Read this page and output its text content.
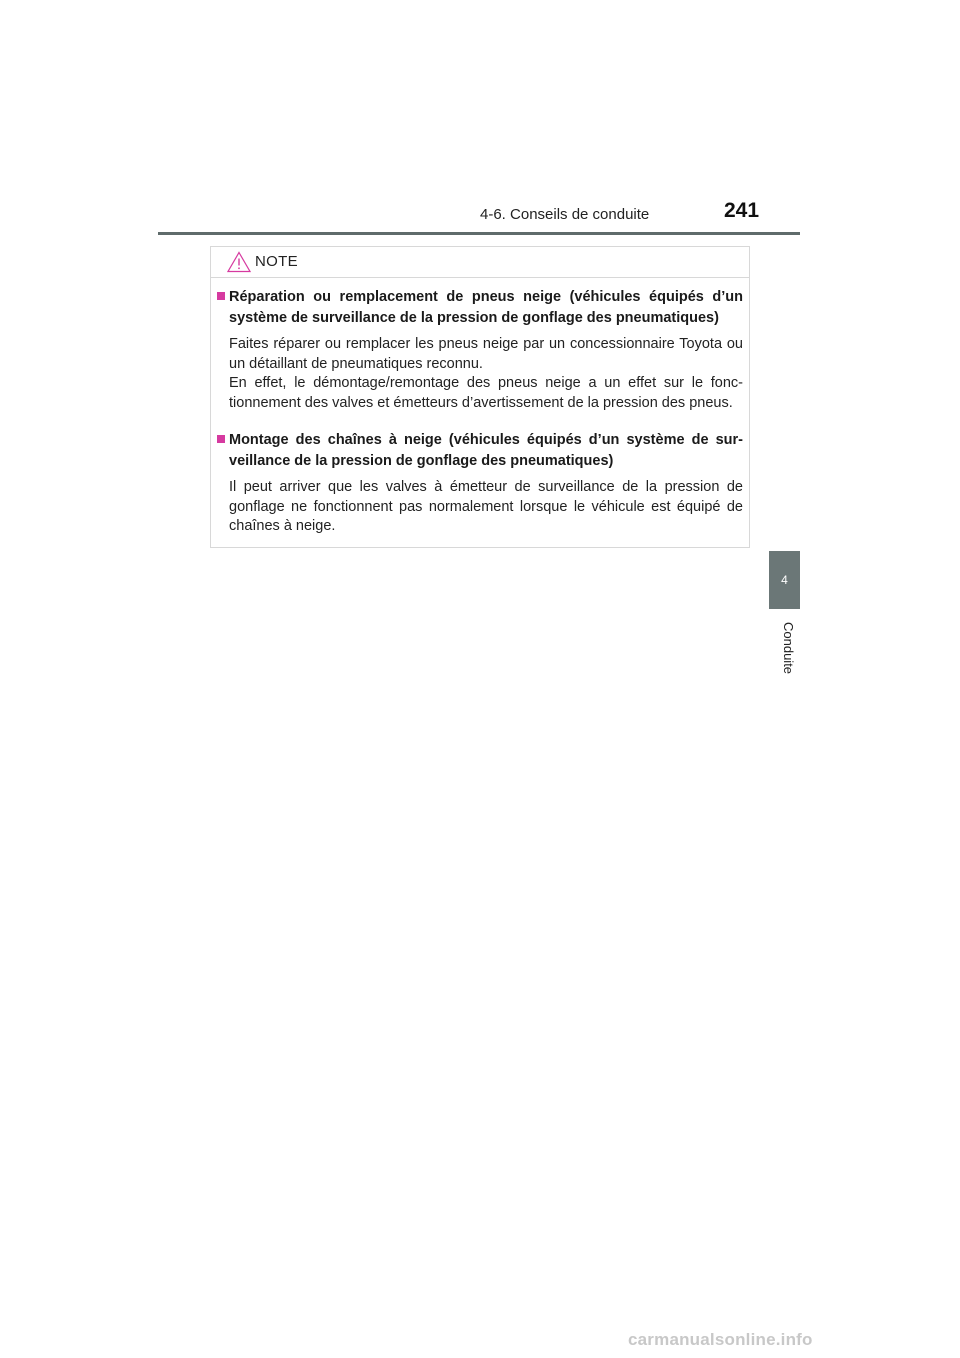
4-6. Conseils de conduite	241
4
Conduite
NOTE
Réparation ou remplacement de pneus neige (véhicules équipés d’un système de surveillance de la pression de gonflage des pneumatiques)

Faites réparer ou remplacer les pneus neige par un concessionnaire Toyota ou un détaillant de pneumatiques reconnu.

En effet, le démontage/remontage des pneus neige a un effet sur le fonc-tionnement des valves et émetteurs d’avertissement de la pression des pneus.

Montage des chaînes à neige (véhicules équipés d’un système de sur-veillance de la pression de gonflage des pneumatiques)

Il peut arriver que les valves à émetteur de surveillance de la pression de gonflage ne fonctionnent pas normalement lorsque le véhicule est équipé de chaînes à neige.

carmanualsonline.info
